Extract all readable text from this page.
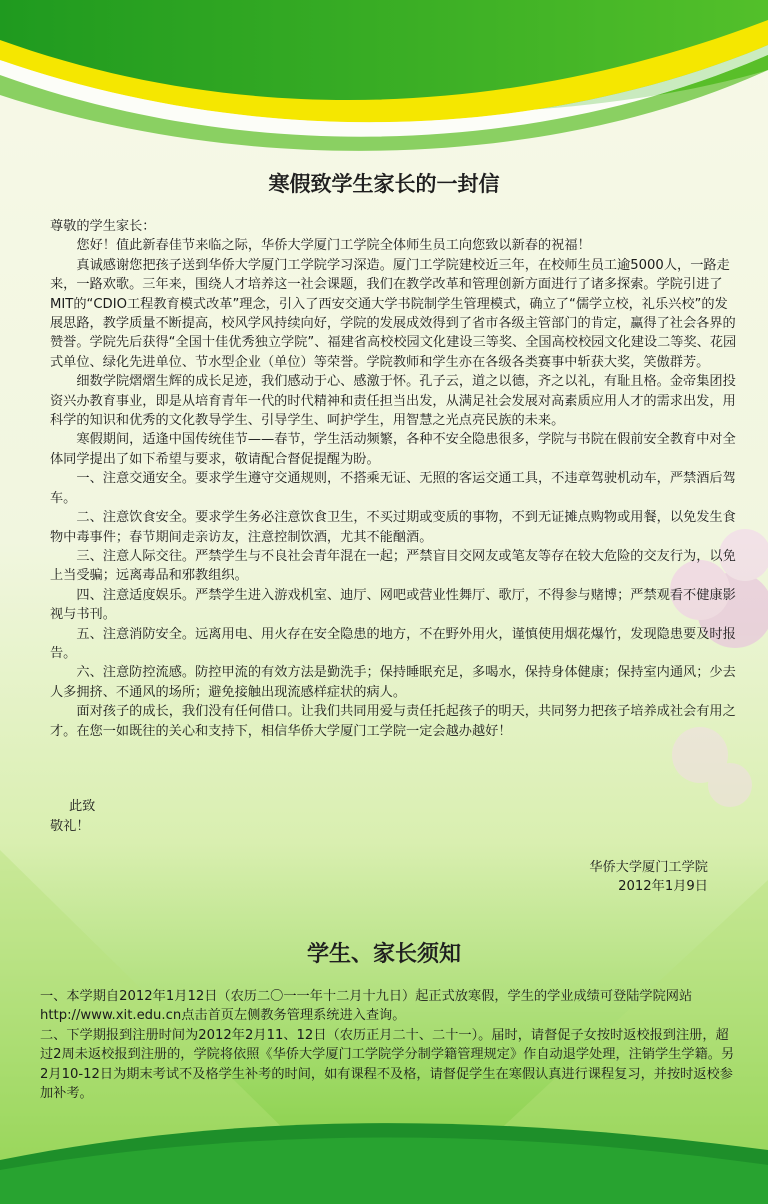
寒假致学生家长的一封信

尊敬的学生家长：

您好！值此新春佳节来临之际，华侨大学厦门工学院全体师生员工向您致以新春的祝福！

真诚感谢您把孩子送到华侨大学厦门工学院学习深造。厦门工学院建校近三年，在校师生员工逾5000人，一路走来，一路欢歌。三年来，围绕人才培养这一社会课题，我们在教学改革和管理创新方面进行了诸多探索。学院引进了MIT的“CDIO工程教育模式改革”理念，引入了西安交通大学书院制学生管理模式，确立了“儒学立校，礼乐兴校”的发展思路，教学质量不断提高，校风学风持续向好，学院的发展成效得到了省市各级主管部门的肯定，赢得了社会各界的赞誉。学院先后获得“全国十佳优秀独立学院”、福建省高校校园文化建设三等奖、全国高校校园文化建设二等奖、花园式单位、绿化先进单位、节水型企业（单位）等荣誉。学院教师和学生亦在各级各类赛事中斩获大奖，笑傲群芳。

细数学院熠熠生辉的成长足迹，我们感动于心、感激于怀。孔子云，道之以德，齐之以礼，有耻且格。金帝集团投资兴办教育事业，即是从培育青年一代的时代精神和责任担当出发，从满足社会发展对高素质应用人才的需求出发，用科学的知识和优秀的文化教导学生、引导学生、呵护学生，用智慧之光点亮民族的未来。

寒假期间，适逢中国传统佳节——春节，学生活动频繁，各种不安全隐患很多，学院与书院在假前安全教育中对全体同学提出了如下希望与要求，敬请配合督促提醒为盼。

一、注意交通安全。要求学生遵守交通规则，不搭乘无证、无照的客运交通工具，不违章驾驶机动车，严禁酒后驾车。

二、注意饮食安全。要求学生务必注意饮食卫生，不买过期或变质的事物，不到无证摊点购物或用餐，以免发生食物中毒事件；春节期间走亲访友，注意控制饮酒，尤其不能酗酒。

三、注意人际交往。严禁学生与不良社会青年混在一起；严禁盲目交网友或笔友等存在较大危险的交友行为，以免上当受骗；远离毒品和邪教组织。

四、注意适度娱乐。严禁学生进入游戏机室、迪厅、网吧或营业性舞厅、歌厅，不得参与赌博；严禁观看不健康影视与书刊。

五、注意消防安全。远离用电、用火存在安全隐患的地方，不在野外用火，谨慎使用烟花爆竹，发现隐患要及时报告。

六、注意防控流感。防控甲流的有效方法是勤洗手；保持睡眠充足，多喝水，保持身体健康；保持室内通风；少去人多拥挤、不通风的场所；避免接触出现流感样症状的病人。

面对孩子的成长，我们没有任何借口。让我们共同用爱与责任托起孩子的明天，共同努力把孩子培养成社会有用之才。在您一如既往的关心和支持下，相信华侨大学厦门工学院一定会越办越好！

此致
敬礼！
华侨大学厦门工学院
2012年1月9日
学生、家长须知

一、本学期自2012年1月12日（农历二〇一一年十二月十九日）起正式放寒假，学生的学业成绩可登陆学院网站http://www.xit.edu.cn点击首页左侧教务管理系统进入查询。

二、下学期报到注册时间为2012年2月11、12日（农历正月二十、二十一）。届时，请督促子女按时返校报到注册，超过2周未返校报到注册的，学院将依照《华侨大学厦门工学院学分制学籍管理规定》作自动退学处理，注销学生学籍。另2月10-12日为期末考试不及格学生补考的时间，如有课程不及格，请督促学生在寒假认真进行课程复习，并按时返校参加补考。
